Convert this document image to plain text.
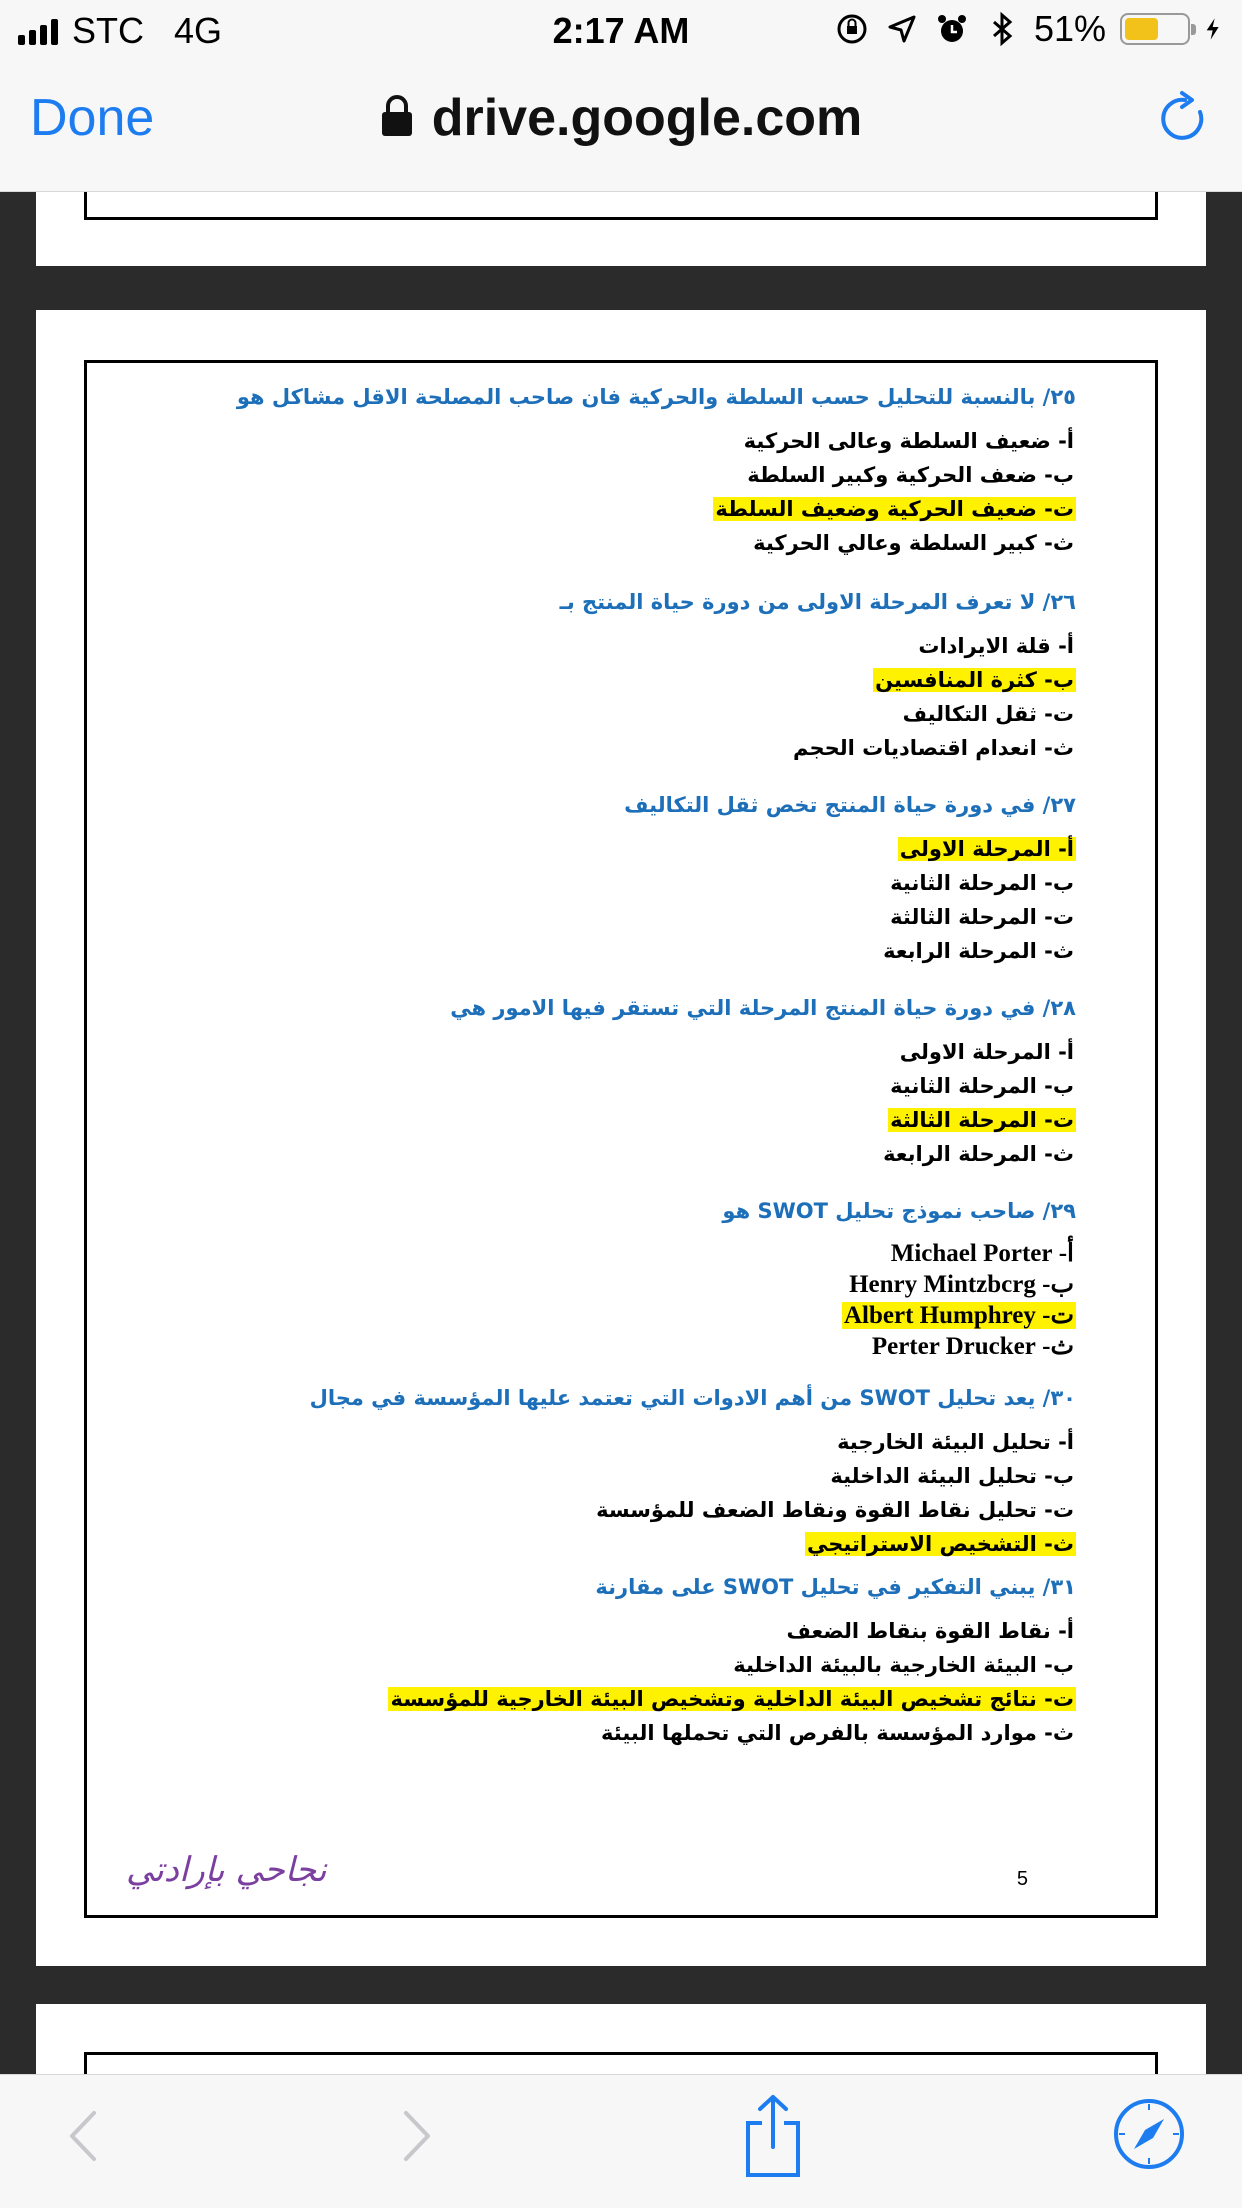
STC 4G	2:17 AM	51%
Done	drive.google.com
٢٥/ بالنسبة للتحليل حسب السلطة والحركية فان صاحب المصلحة الاقل مشاكل هو
أ- ضعيف السلطة وعالى الحركية
ب- ضعف الحركية وكبير السلطة
ت- ضعيف الحركية وضعيف السلطة
ث- كبير السلطة وعالي الحركية
٢٦/ لا تعرف المرحلة الاولى من دورة حياة المنتج بـ
أ- قلة الايرادات
ب- كثرة المنافسين
ت- ثقل التكاليف
ث- انعدام اقتصاديات الحجم
٢٧/ في دورة حياة المنتج تخص ثقل التكاليف
أ- المرحلة الاولى
ب- المرحلة الثانية
ت- المرحلة الثالثة
ث- المرحلة الرابعة
٢٨/ في دورة حياة المنتج المرحلة التي تستقر فيها الامور هي
أ- المرحلة الاولى
ب- المرحلة الثانية
ت- المرحلة الثالثة
ث- المرحلة الرابعة
٢٩/ صاحب نموذج تحليل SWOT هو
أ- Michael Porter
ب- Henry Mintzbcrg
ت- Albert Humphrey
ث- Perter Drucker
٣٠/ يعد تحليل SWOT من أهم الادوات التي تعتمد عليها المؤسسة في مجال
أ- تحليل البيئة الخارجية
ب- تحليل البيئة الداخلية
ت- تحليل نقاط القوة ونقاط الضعف للمؤسسة
ث- التشخيص الاستراتيجي
٣١/ يبني التفكير في تحليل SWOT على مقارنة
أ- نقاط القوة بنقاط الضعف
ب- البيئة الخارجية بالبيئة الداخلية
ت- نتائج تشخيص البيئة الداخلية وتشخيص البيئة الخارجية للمؤسسة
ث- موارد المؤسسة بالفرص التي تحملها البيئة
5
نجاحي بإرادتي
